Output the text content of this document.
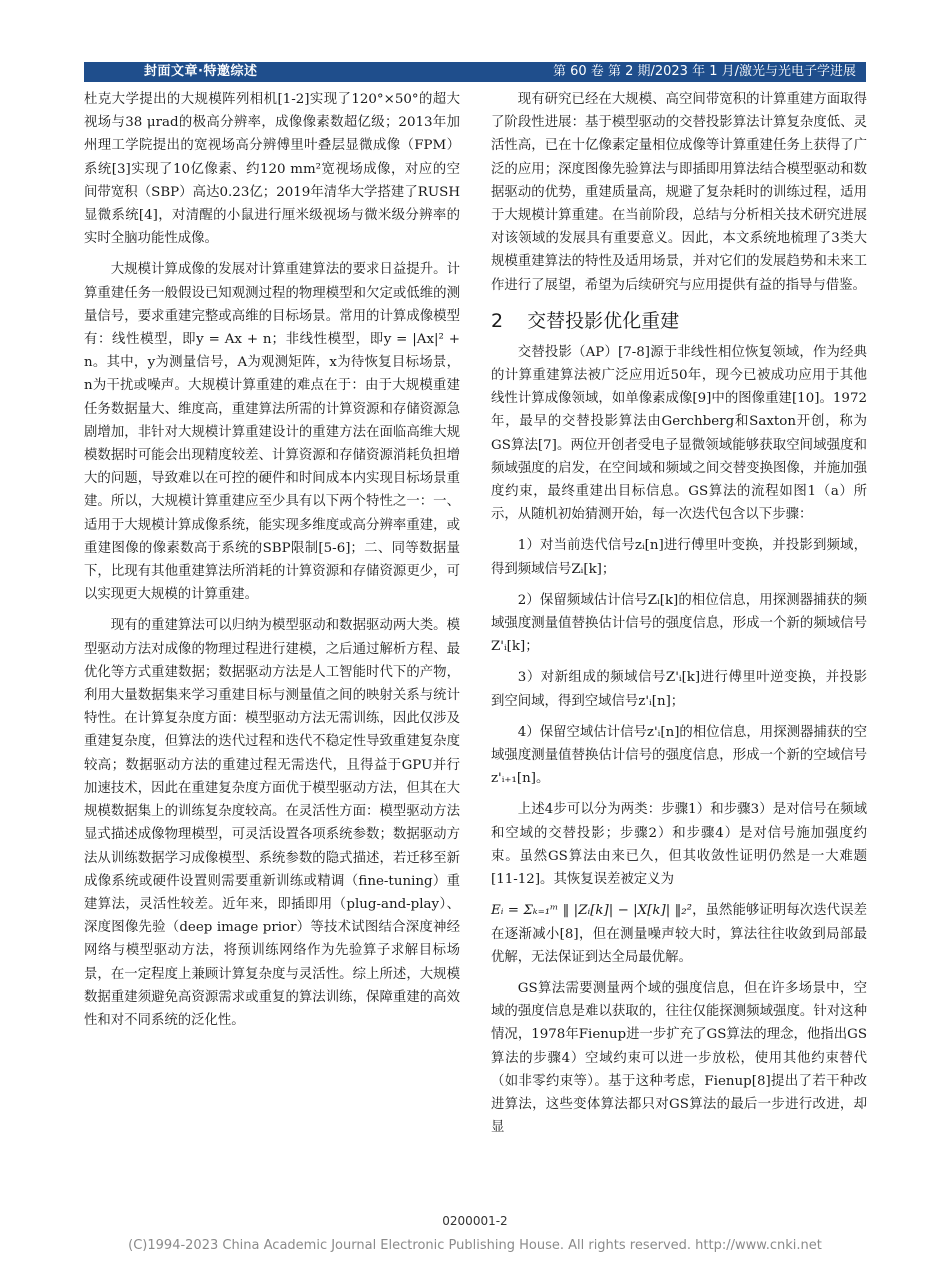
封面文章·特邀综述	第 60 卷 第 2 期/2023 年 1 月/激光与光电子学进展

杜克大学提出的大规模阵列相机[1-2]实现了120°×50°的超大视场与38 μrad的极高分辨率，成像像素数超亿级；2013年加州理工学院提出的宽视场高分辨傅里叶叠层显微成像（FPM）系统[3]实现了10亿像素、约120 mm²宽视场成像，对应的空间带宽积（SBP）高达0.23亿；2019年清华大学搭建了RUSH显微系统[4]，对清醒的小鼠进行厘米级视场与微米级分辨率的实时全脑功能性成像。

大规模计算成像的发展对计算重建算法的要求日益提升。计算重建任务一般假设已知观测过程的物理模型和欠定或低维的测量信号，要求重建完整或高维的目标场景。常用的计算成像模型有：线性模型，即y = Ax + n；非线性模型，即y = |Ax|² + n。其中，y为测量信号，A为观测矩阵，x为待恢复目标场景，n为干扰或噪声。大规模计算重建的难点在于：由于大规模重建任务数据量大、维度高，重建算法所需的计算资源和存储资源急剧增加，非针对大规模计算重建设计的重建方法在面临高维大规模数据时可能会出现精度较差、计算资源和存储资源消耗负担增大的问题，导致难以在可控的硬件和时间成本内实现目标场景重建。所以，大规模计算重建应至少具有以下两个特性之一：一、适用于大规模计算成像系统，能实现多维度或高分辨率重建，或重建图像的像素数高于系统的SBP限制[5-6]；二、同等数据量下，比现有其他重建算法所消耗的计算资源和存储资源更少，可以实现更大规模的计算重建。

现有的重建算法可以归纳为模型驱动和数据驱动两大类。模型驱动方法对成像的物理过程进行建模，之后通过解析方程、最优化等方式重建数据；数据驱动方法是人工智能时代下的产物，利用大量数据集来学习重建目标与测量值之间的映射关系与统计特性。在计算复杂度方面：模型驱动方法无需训练，因此仅涉及重建复杂度，但算法的迭代过程和迭代不稳定性导致重建复杂度较高；数据驱动方法的重建过程无需迭代，且得益于GPU并行加速技术，因此在重建复杂度方面优于模型驱动方法，但其在大规模数据集上的训练复杂度较高。在灵活性方面：模型驱动方法显式描述成像物理模型，可灵活设置各项系统参数；数据驱动方法从训练数据学习成像模型、系统参数的隐式描述，若迁移至新成像系统或硬件设置则需要重新训练或精调（fine-tuning）重建算法，灵活性较差。近年来，即插即用（plug-and-play）、深度图像先验（deep image prior）等技术试图结合深度神经网络与模型驱动方法，将预训练网络作为先验算子求解目标场景，在一定程度上兼顾计算复杂度与灵活性。综上所述，大规模数据重建须避免高资源需求或重复的算法训练，保障重建的高效性和对不同系统的泛化性。

现有研究已经在大规模、高空间带宽积的计算重建方面取得了阶段性进展：基于模型驱动的交替投影算法计算复杂度低、灵活性高，已在十亿像素定量相位成像等计算重建任务上获得了广泛的应用；深度图像先验算法与即插即用算法结合模型驱动和数据驱动的优势，重建质量高，规避了复杂耗时的训练过程，适用于大规模计算重建。在当前阶段，总结与分析相关技术研究进展对该领域的发展具有重要意义。因此，本文系统地梳理了3类大规模重建算法的特性及适用场景，并对它们的发展趋势和未来工作进行了展望，希望为后续研究与应用提供有益的指导与借鉴。

2 交替投影优化重建

交替投影（AP）[7-8]源于非线性相位恢复领域，作为经典的计算重建算法被广泛应用近50年，现今已被成功应用于其他线性计算成像领域，如单像素成像[9]中的图像重建[10]。1972年，最早的交替投影算法由Gerchberg和Saxton开创，称为GS算法[7]。两位开创者受电子显微领域能够获取空间域强度和频域强度的启发，在空间域和频域之间交替变换图像，并施加强度约束，最终重建出目标信息。GS算法的流程如图1（a）所示，从随机初始猜测开始，每一次迭代包含以下步骤：

1）对当前迭代信号zᵢ[n]进行傅里叶变换，并投影到频域，得到频域信号Zᵢ[k]；

2）保留频域估计信号Zᵢ[k]的相位信息，用探测器捕获的频域强度测量值替换估计信号的强度信息，形成一个新的频域信号Z'ᵢ[k]；

3）对新组成的频域信号Z'ᵢ[k]进行傅里叶逆变换，并投影到空间域，得到空域信号z'ᵢ[n]；

4）保留空域估计信号z'ᵢ[n]的相位信息，用探测器捕获的空域强度测量值替换估计信号的强度信息，形成一个新的空域信号z'ᵢ₊₁[n]。

上述4步可以分为两类：步骤1）和步骤3）是对信号在频域和空域的交替投影；步骤2）和步骤4）是对信号施加强度约束。虽然GS算法由来已久，但其收敛性证明仍然是一大难题[11-12]。其恢复误差被定义为

Eᵢ = Σₖ₌₁ᵐ ‖ |Zᵢ[k]| − |X[k]| ‖₂²，虽然能够证明每次迭代误差在逐渐减小[8]，但在测量噪声较大时，算法往往收敛到局部最优解，无法保证到达全局最优解。

GS算法需要测量两个域的强度信息，但在许多场景中，空域的强度信息是难以获取的，往往仅能探测频域强度。针对这种情况，1978年Fienup进一步扩充了GS算法的理念，他指出GS算法的步骤4）空域约束可以进一步放松，使用其他约束替代（如非零约束等）。基于这种考虑，Fienup[8]提出了若干种改进算法，这些变体算法都只对GS算法的最后一步进行改进，却显

0200001-2
(C)1994-2023 China Academic Journal Electronic Publishing House. All rights reserved. http://www.cnki.net
